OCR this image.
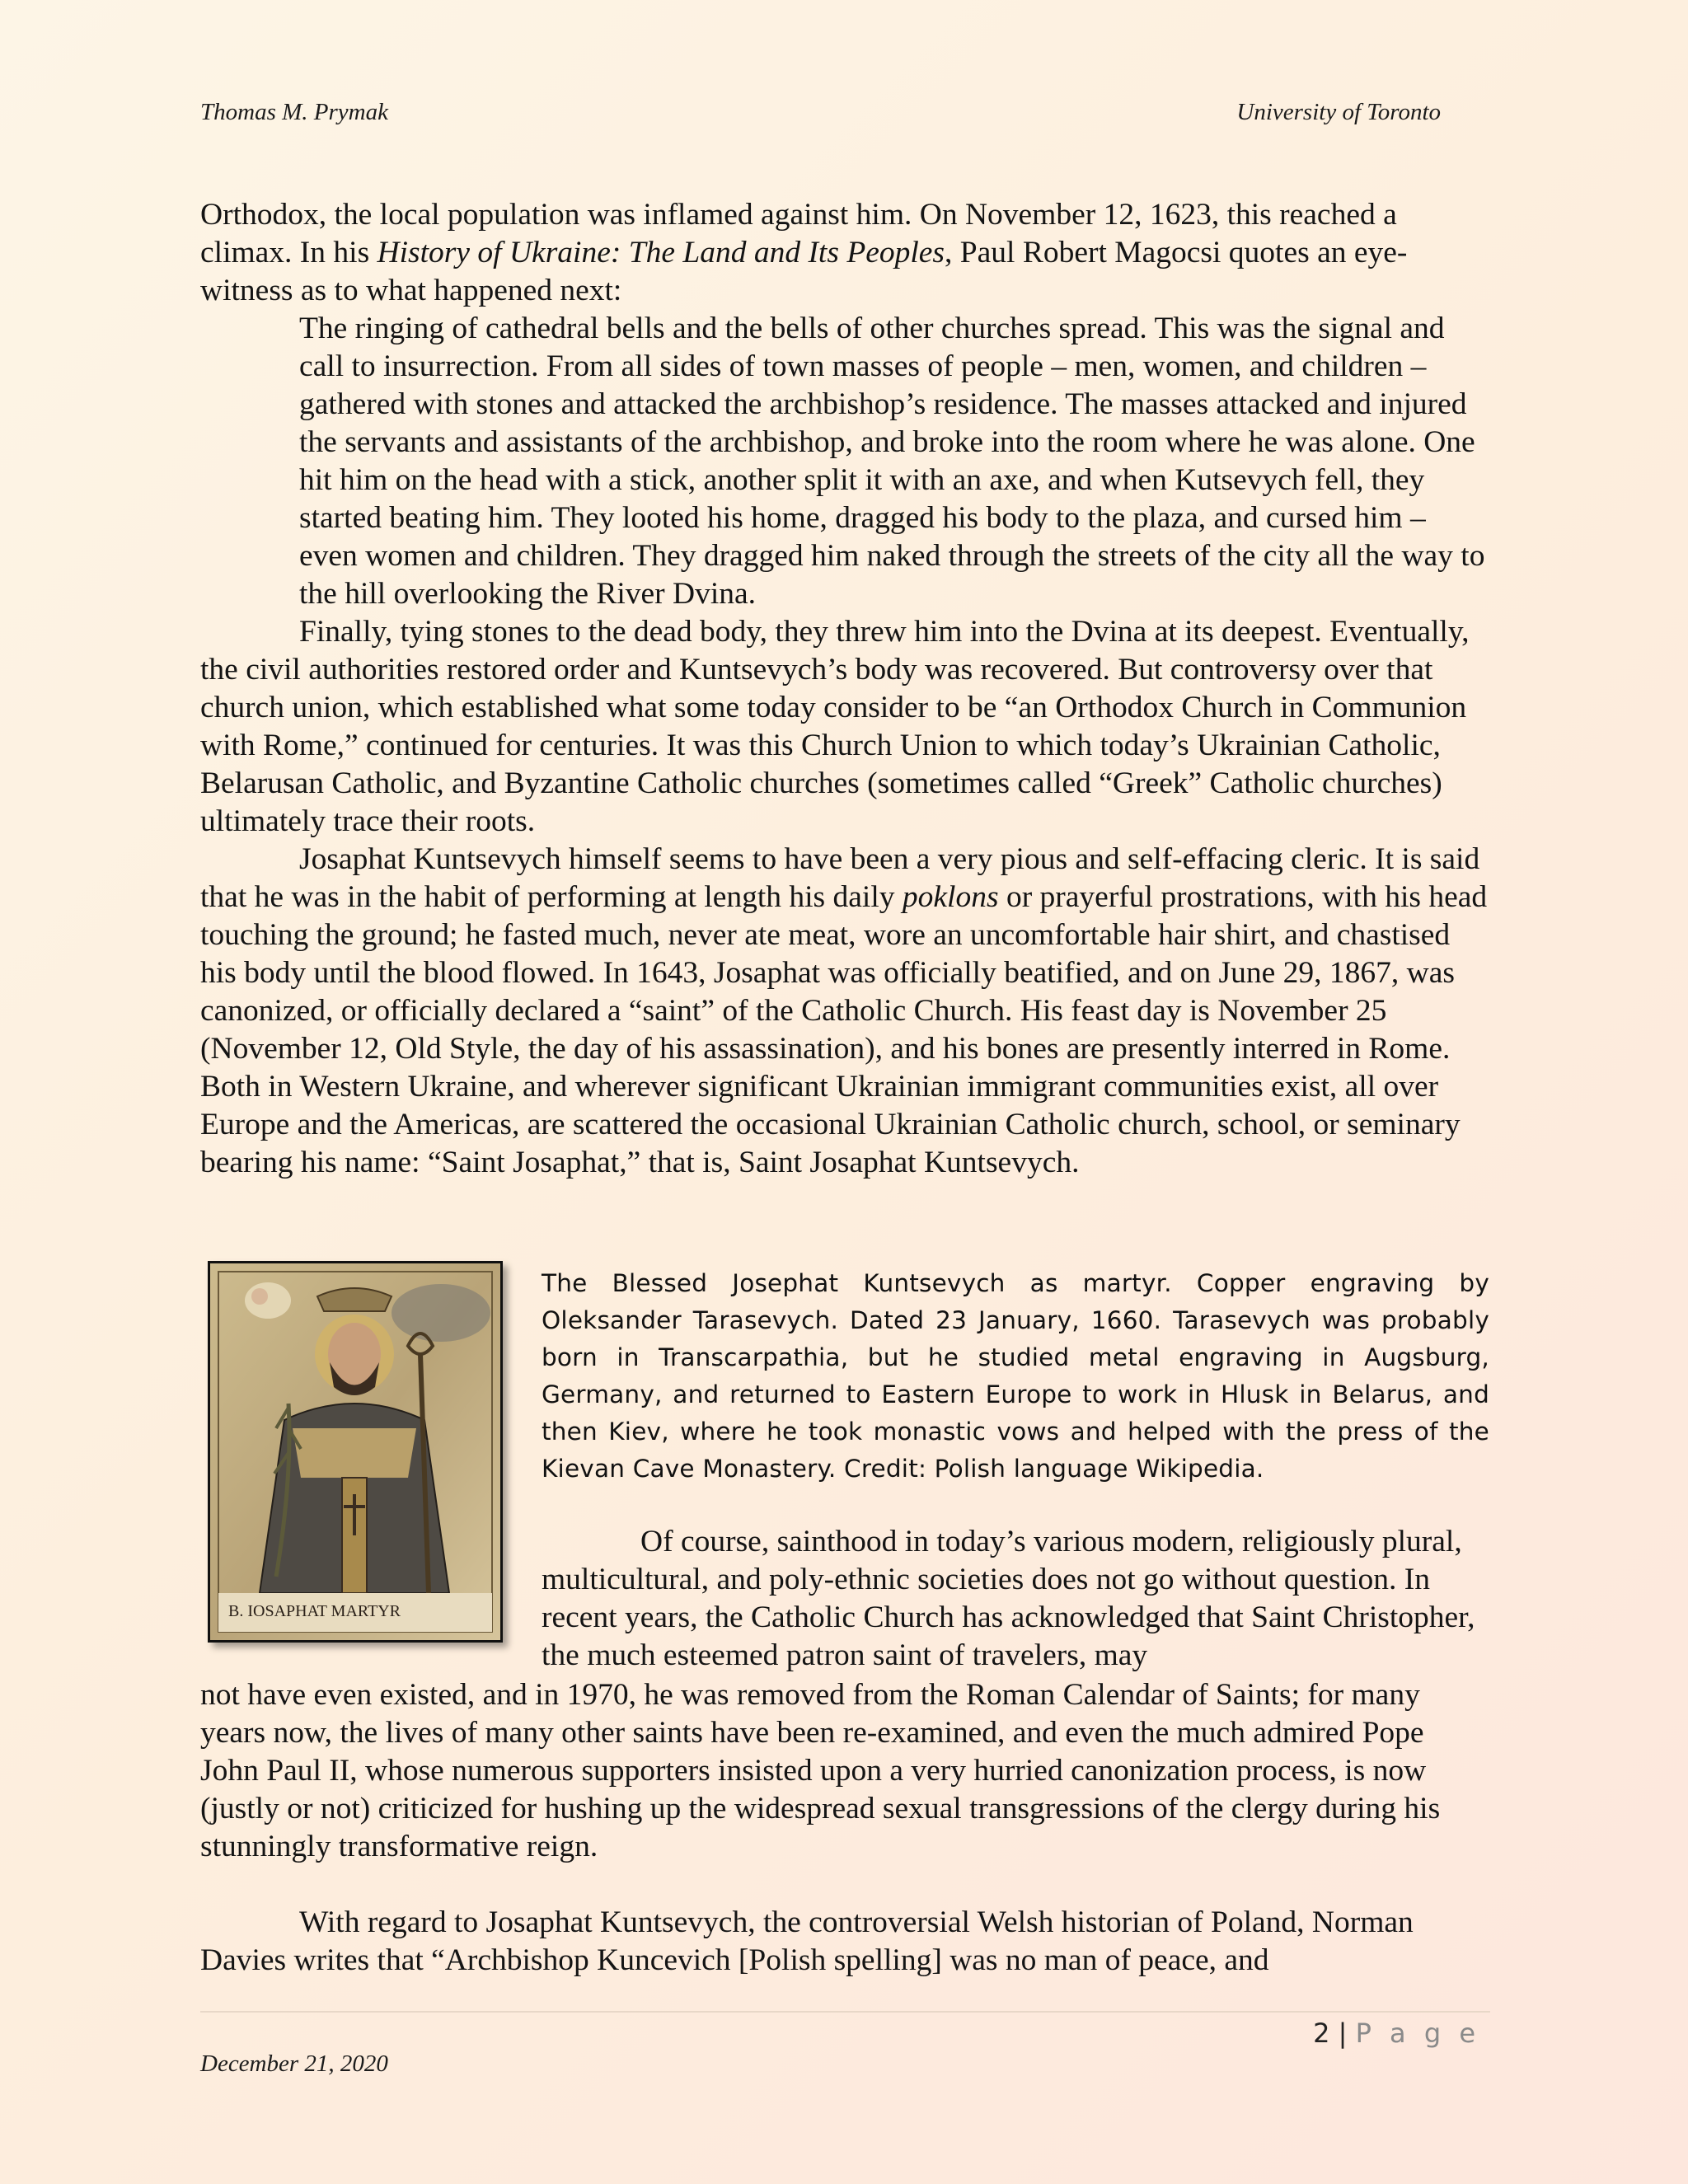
Thomas M. Prymak	University of Toronto

Orthodox, the local population was inflamed against him. On November 12, 1623, this reached a climax. In his History of Ukraine: The Land and Its Peoples, Paul Robert Magocsi quotes an eye-witness as to what happened next:

The ringing of cathedral bells and the bells of other churches spread. This was the signal and call to insurrection. From all sides of town masses of people – men, women, and children – gathered with stones and attacked the archbishop’s residence. The masses attacked and injured the servants and assistants of the archbishop, and broke into the room where he was alone. One hit him on the head with a stick, another split it with an axe, and when Kutsevych fell, they started beating him. They looted his home, dragged his body to the plaza, and cursed him – even women and children. They dragged him naked through the streets of the city all the way to the hill overlooking the River Dvina.

Finally, tying stones to the dead body, they threw him into the Dvina at its deepest. Eventually, the civil authorities restored order and Kuntsevych’s body was recovered. But controversy over that church union, which established what some today consider to be “an Orthodox Church in Communion with Rome,” continued for centuries. It was this Church Union to which today’s Ukrainian Catholic, Belarusan Catholic, and Byzantine Catholic churches (sometimes called “Greek” Catholic churches) ultimately trace their roots.

Josaphat Kuntsevych himself seems to have been a very pious and self-effacing cleric. It is said that he was in the habit of performing at length his daily poklons or prayerful prostrations, with his head touching the ground; he fasted much, never ate meat, wore an uncomfortable hair shirt, and chastised his body until the blood flowed. In 1643, Josaphat was officially beatified, and on June 29, 1867, was canonized, or officially declared a “saint” of the Catholic Church. His feast day is November 25 (November 12, Old Style, the day of his assassination), and his bones are presently interred in Rome. Both in Western Ukraine, and wherever significant Ukrainian immigrant communities exist, all over Europe and the Americas, are scattered the occasional Ukrainian Catholic church, school, or seminary bearing his name: “Saint Josaphat,” that is, Saint Josaphat Kuntsevych.

B. IOSAPHAT MARTYR
The Blessed Josephat Kuntsevych as martyr. Copper engraving by Oleksander Tarasevych. Dated 23 January, 1660. Tarasevych was probably born in Transcarpathia, but he studied metal engraving in Augsburg, Germany, and returned to Eastern Europe to work in Hlusk in Belarus, and then Kiev, where he took monastic vows and helped with the press of the Kievan Cave Monastery. Credit: Polish language Wikipedia.

Of course, sainthood in today’s various modern, religiously plural, multicultural, and poly-ethnic societies does not go without question. In recent years, the Catholic Church has acknowledged that Saint Christopher, the much esteemed patron saint of travelers, may

not have even existed, and in 1970, he was removed from the Roman Calendar of Saints; for many years now, the lives of many other saints have been re-examined, and even the much admired Pope John Paul II, whose numerous supporters insisted upon a very hurried canonization process, is now (justly or not) criticized for hushing up the widespread sexual transgressions of the clergy during his stunningly transformative reign.

With regard to Josaphat Kuntsevych, the controversial Welsh historian of Poland, Norman Davies writes that “Archbishop Kuncevich [Polish spelling] was no man of peace, and

2 | P a g e
December 21, 2020
